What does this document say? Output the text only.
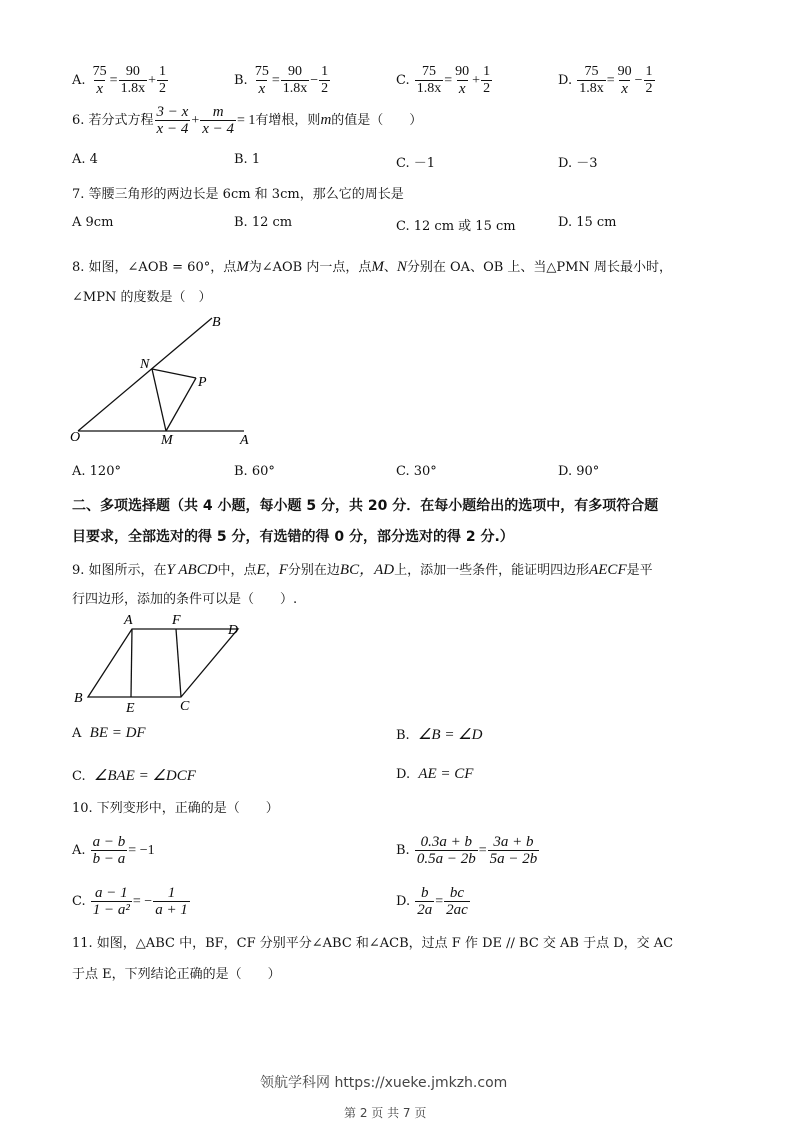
A. $\frac{75}{x} = \frac{90}{1.8x} + \frac{1}{2}$	B. $\frac{75}{x} = \frac{90}{1.8x} - \frac{1}{2}$	C. $\frac{75}{1.8x} = \frac{90}{x} + \frac{1}{2}$	D. $\frac{75}{1.8x} = \frac{90}{x} - \frac{1}{2}$
6. 若分式方程 $\frac{3 - x}{x - 4} + \frac{m}{x - 4} = 1$有增根，则m的值是（　　）
A. 4	B. 1	C. －1	D. －3
7. 等腰三角形的两边长是 6cm 和 3cm，那么它的周长是
A 9cm	B. 12 cm	C. 12 cm 或 15 cm	D. 15 cm
8. 如图，∠AOB = 60°，点M为∠AOB 内一点，点M、N分别在 OA、OB 上、当△PMN 周长最小时，
∠MPN 的度数是（　）
B
N
P
O	M	A
A. 120°	B. 60°	C. 30°	D. 90°
二、多项选择题（共 4 小题，每小题 5 分，共 20 分．在每小题给出的选项中，有多项符合题
目要求，全部选对的得 5 分，有选错的得 0 分，部分选对的得 2 分.）
9. 如图所示，在Y ABCD中，点E，F分别在边BC，AD上，添加一些条件，能证明四边形AECF是平
行四边形，添加的条件可以是（　　）.
A	F
D
B
E	C
A BE = DF	B. ∠B = ∠D
C. ∠BAE = ∠DCF	D. AE = CF
10. 下列变形中，正确的是（　　）
A. $\frac{a - b}{b - a} = -1$	B. $\frac{0.3a + b}{0.5a - 2b} = \frac{3a + b}{5a - 2b}$
C. $\frac{a - 1}{\text{1 − a²}}$ = − $\frac{1}{a + 1}$	D. $\frac{b}{2a} = \frac{bc}{2ac}$
11. 如图，△ABC 中，BF，CF 分别平分∠ABC 和∠ACB，过点 F 作 DE // BC 交 AB 于点 D，交 AC
于点 E，下列结论正确的是（　　）
领航学科网 https://xueke.jmkzh.com
第 2 页 共 7 页
